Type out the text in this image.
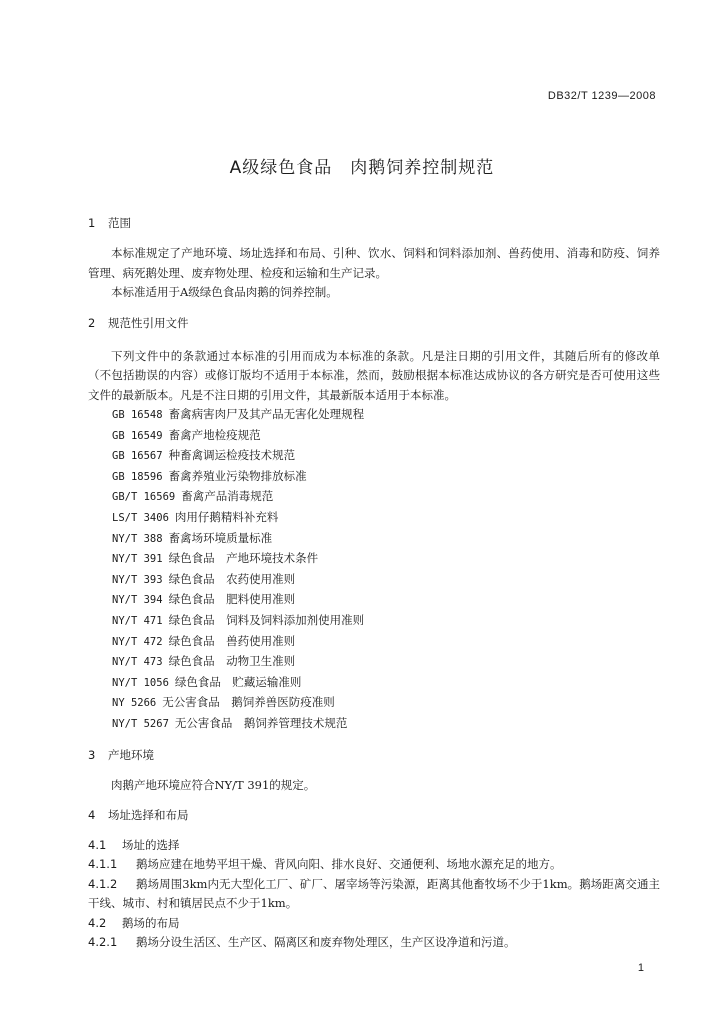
DB32/T 1239—2008
A级绿色食品　肉鹅饲养控制规范
1 范围

本标准规定了产地环境、场址选择和布局、引种、饮水、饲料和饲料添加剂、兽药使用、消毒和防疫、饲养管理、病死鹅处理、废弃物处理、检疫和运输和生产记录。

本标准适用于A级绿色食品肉鹅的饲养控制。

2 规范性引用文件

下列文件中的条款通过本标准的引用而成为本标准的条款。凡是注日期的引用文件，其随后所有的修改单（不包括勘误的内容）或修订版均不适用于本标准，然而，鼓励根据本标准达成协议的各方研究是否可使用这些文件的最新版本。凡是不注日期的引用文件，其最新版本适用于本标准。

GB 16548 畜禽病害肉尸及其产品无害化处理规程
GB 16549 畜禽产地检疫规范
GB 16567 种畜禽调运检疫技术规范
GB 18596 畜禽养殖业污染物排放标准
GB/T 16569 畜禽产品消毒规范
LS/T 3406 肉用仔鹅精料补充料
NY/T 388 畜禽场环境质量标准
NY/T 391 绿色食品　产地环境技术条件
NY/T 393 绿色食品　农药使用准则
NY/T 394 绿色食品　肥料使用准则
NY/T 471 绿色食品　饲料及饲料添加剂使用准则
NY/T 472 绿色食品　兽药使用准则
NY/T 473 绿色食品　动物卫生准则
NY/T 1056 绿色食品　贮藏运输准则
NY 5266 无公害食品　鹅饲养兽医防疫准则
NY/T 5267 无公害食品　鹅饲养管理技术规范
3 产地环境

肉鹅产地环境应符合NY/T 391的规定。

4 场址选择和布局
4.1 场址的选择
4.1.1 鹅场应建在地势平坦干燥、背风向阳、排水良好、交通便利、场地水源充足的地方。
4.1.2 鹅场周围3km内无大型化工厂、矿厂、屠宰场等污染源，距离其他畜牧场不少于1km。鹅场距离交通主干线、城市、村和镇居民点不少于1km。
4.2 鹅场的布局
4.2.1 鹅场分设生活区、生产区、隔离区和废弃物处理区，生产区设净道和污道。
1
